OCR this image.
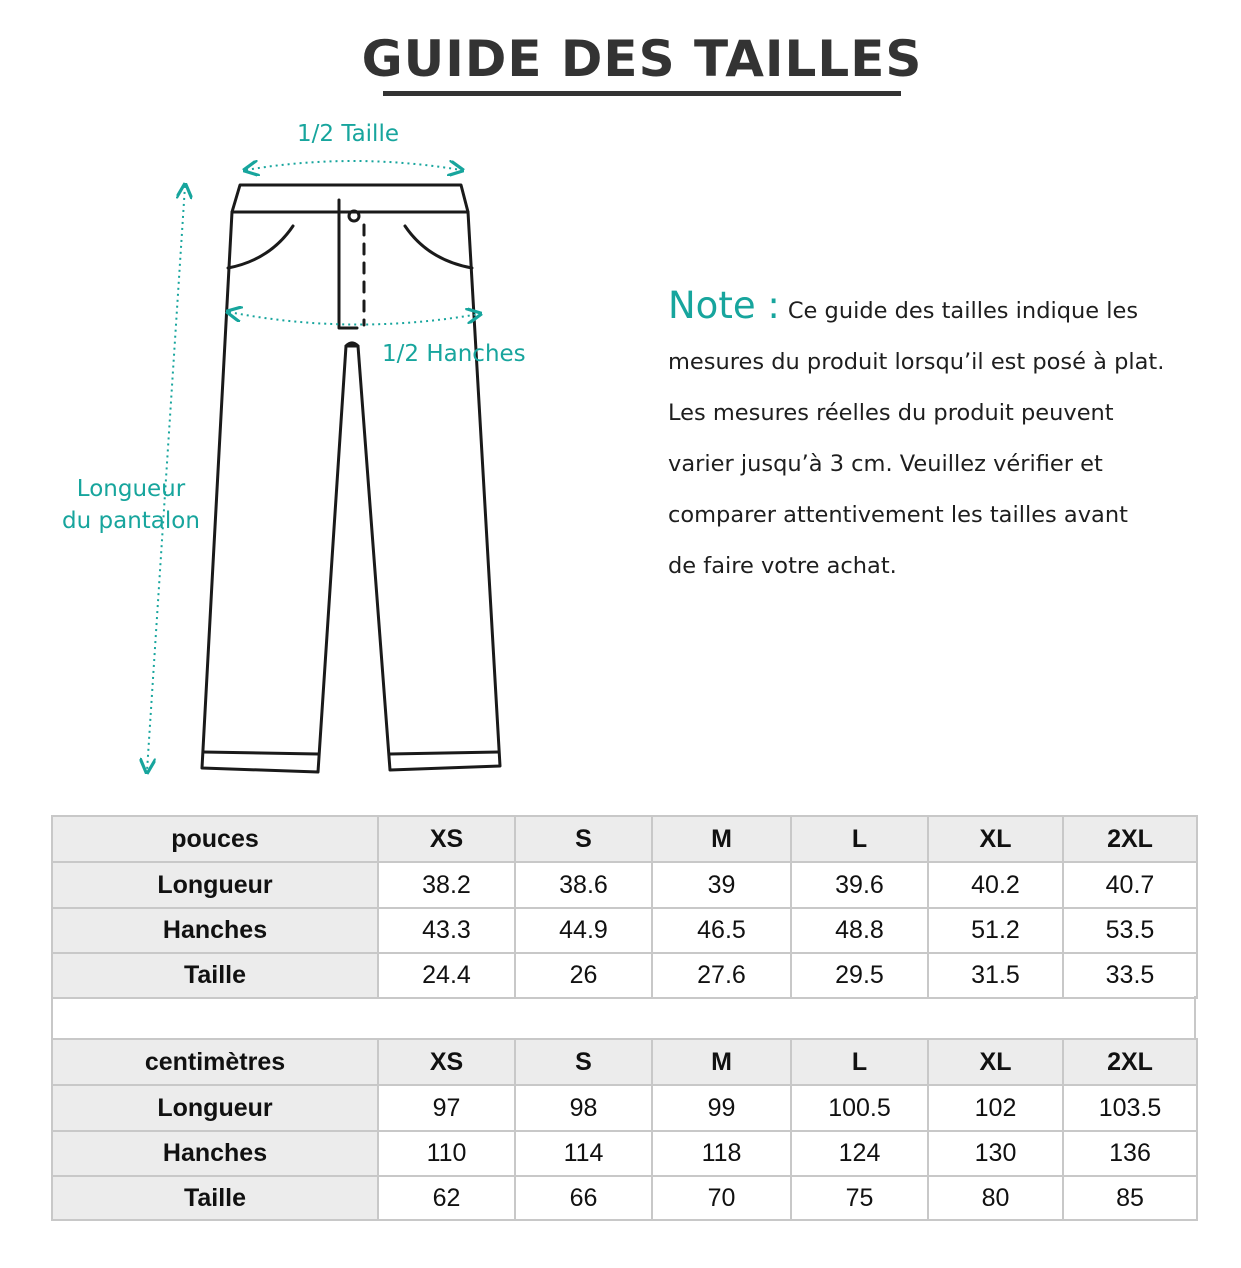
GUIDE DES TAILLES
1/2 Taille
1/2 Hanches
Longueur
du pantalon
Note : Ce guide des tailles indique les
mesures du produit lorsqu’il est posé à plat.
Les mesures réelles du produit peuvent
varier jusqu’à 3 cm. Veuillez vérifier et
comparer attentivement les tailles avant
de faire votre achat.
pouces	XS	S	M	L	XL	2XL
Longueur	38.2	38.6	39	39.6	40.2	40.7
Hanches	43.3	44.9	46.5	48.8	51.2	53.5
Taille	24.4	26	27.6	29.5	31.5	33.5
centimètres	XS	S	M	L	XL	2XL
Longueur	97	98	99	100.5	102	103.5
Hanches	110	114	118	124	130	136
Taille	62	66	70	75	80	85
